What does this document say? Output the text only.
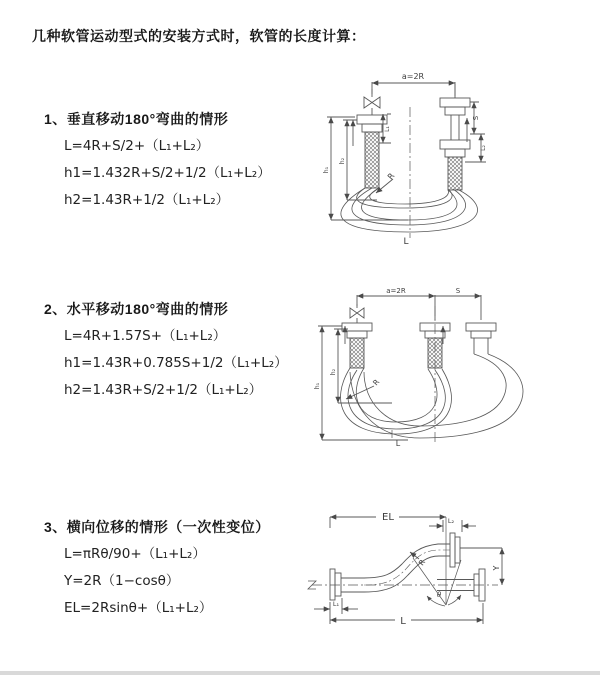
几种软管运动型式的安装方式时，软管的长度计算：
1、垂直移动180°弯曲的情形
L=4R+S/2+（L₁+L₂）
h1=1.432R+S/2+1/2（L₁+L₂）
h2=1.43R+1/2（L₁+L₂）
2、水平移动180°弯曲的情形
L=4R+1.57S+（L₁+L₂）
h1=1.43R+0.785S+1/2（L₁+L₂）
h2=1.43R+S/2+1/2（L₁+L₂）
3、横向位移的情形（一次性变位）
L=πRθ/90+（L₁+L₂）
Y=2R（1−cosθ）
EL=2Rsinθ+（L₁+L₂）
a=2R
L₁
S
L₂
h₁
h₂
R
L
a=2R	S
h₁
h₂
R
L
EL	L₂
Y
R
θ
L₁
L
